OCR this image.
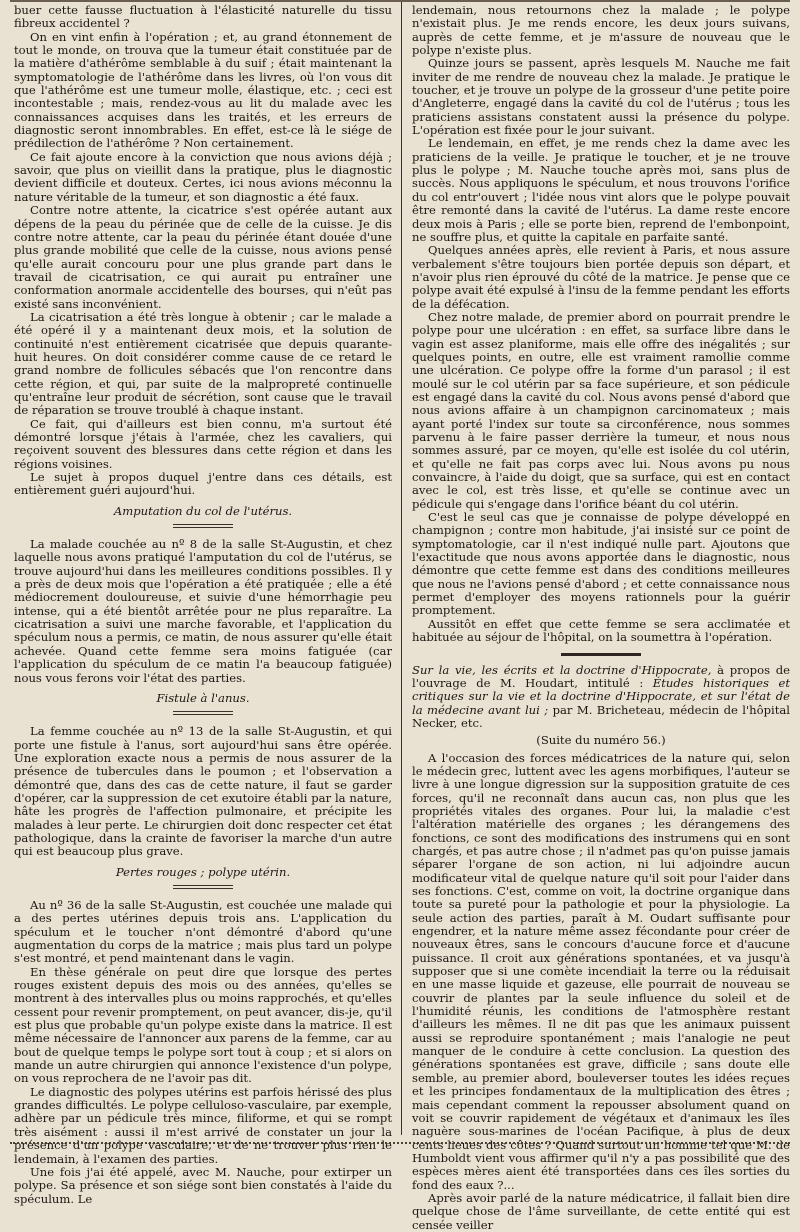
buer cette fausse fluctuation à l'élasticité naturelle du tissu fibreux accidentel ?

On en vint enfin à l'opération ; et, au grand étonnement de tout le monde, on trouva que la tumeur était constituée par de la matière d'athérôme semblable à du suif ; était maintenant la symptomatologie de l'athérôme dans les livres, où l'on vous dit que l'athérôme est une tumeur molle, élastique, etc. ; ceci est incontestable ; mais, rendez-vous au lit du malade avec les connaissances acquises dans les traités, et les erreurs de diagnostic seront innombrables. En effet, est-ce là le siége de prédilection de l'athérôme ? Non certainement.

Ce fait ajoute encore à la conviction que nous avions déjà ; savoir, que plus on vieillit dans la pratique, plus le diagnostic devient difficile et douteux. Certes, ici nous avions méconnu la nature véritable de la tumeur, et son diagnostic a été faux.

Contre notre attente, la cicatrice s'est opérée autant aux dépens de la peau du périnée que de celle de la cuisse. Je dis contre notre attente, car la peau du périnée étant douée d'une plus grande mobilité que celle de la cuisse, nous avions pensé qu'elle aurait concouru pour une plus grande part dans le travail de cicatrisation, ce qui aurait pu entraîner une conformation anormale accidentelle des bourses, qui n'eût pas existé sans inconvénient.

La cicatrisation a été très longue à obtenir ; car le malade a été opéré il y a maintenant deux mois, et la solution de continuité n'est entièrement cicatrisée que depuis quarante-huit heures. On doit considérer comme cause de ce retard le grand nombre de follicules sébacés que l'on rencontre dans cette région, et qui, par suite de la malpropreté continuelle qu'entraîne leur produit de sécrétion, sont cause que le travail de réparation se trouve troublé à chaque instant.

Ce fait, qui d'ailleurs est bien connu, m'a surtout été démontré lorsque j'étais à l'armée, chez les cavaliers, qui reçoivent souvent des blessures dans cette région et dans les régions voisines.

Le sujet à propos duquel j'entre dans ces détails, est entièrement guéri aujourd'hui.

Amputation du col de l'utérus.

La malade couchée au nº 8 de la salle St-Augustin, et chez laquelle nous avons pratiqué l'amputation du col de l'utérus, se trouve aujourd'hui dans les meilleures conditions possibles. Il y a près de deux mois que l'opération a été pratiquée ; elle a été médiocrement douloureuse, et suivie d'une hémorrhagie peu intense, qui a été bientôt arrêtée pour ne plus reparaître. La cicatrisation a suivi une marche favorable, et l'application du spéculum nous a permis, ce matin, de nous assurer qu'elle était achevée. Quand cette femme sera moins fatiguée (car l'application du spéculum de ce matin l'a beaucoup fatiguée) nous vous ferons voir l'état des parties.

Fistule à l'anus.

La femme couchée au nº 13 de la salle St-Augustin, et qui porte une fistule à l'anus, sort aujourd'hui sans être opérée. Une exploration exacte nous a permis de nous assurer de la présence de tubercules dans le poumon ; et l'observation a démontré que, dans des cas de cette nature, il faut se garder d'opérer, car la suppression de cet exutoire établi par la nature, hâte les progrès de l'affection pulmonaire, et précipite les malades à leur perte. Le chirurgien doit donc respecter cet état pathologique, dans la crainte de favoriser la marche d'un autre qui est beaucoup plus grave.

Pertes rouges ; polype utérin.

Au nº 36 de la salle St-Augustin, est couchée une malade qui a des pertes utérines depuis trois ans. L'application du spéculum et le toucher n'ont démontré d'abord qu'une augmentation du corps de la matrice ; mais plus tard un polype s'est montré, et pend maintenant dans le vagin.

En thèse générale on peut dire que lorsque des pertes rouges existent depuis des mois ou des années, qu'elles se montrent à des intervalles plus ou moins rapprochés, et qu'elles cessent pour revenir promptement, on peut avancer, dis-je, qu'il est plus que probable qu'un polype existe dans la matrice. Il est même nécessaire de l'annoncer aux parens de la femme, car au bout de quelque temps le polype sort tout à coup ; et si alors on mande un autre chirurgien qui annonce l'existence d'un polype, on vous reprochera de ne l'avoir pas dit.

Le diagnostic des polypes utérins est parfois hérissé des plus grandes difficultés. Le polype celluloso-vasculaire, par exemple, adhère par un pédicule très mince, filiforme, et qui se rompt très aisément : aussi il m'est arrivé de constater un jour la présence d'un polype vasculaire, et de ne trouver plus rien le lendemain, à l'examen des parties.

Une fois j'ai été appelé, avec M. Nauche, pour extirper un polype. Sa présence et son siége sont bien constatés à l'aide du spéculum. Le

lendemain, nous retournons chez la malade ; le polype n'existait plus. Je me rends encore, les deux jours suivans, auprès de cette femme, et je m'assure de nouveau que le polype n'existe plus.

Quinze jours se passent, après lesquels M. Nauche me fait inviter de me rendre de nouveau chez la malade. Je pratique le toucher, et je trouve un polype de la grosseur d'une petite poire d'Angleterre, engagé dans la cavité du col de l'utérus ; tous les praticiens assistans constatent aussi la présence du polype. L'opération est fixée pour le jour suivant.

Le lendemain, en effet, je me rends chez la dame avec les praticiens de la veille. Je pratique le toucher, et je ne trouve plus le polype ; M. Nauche touche après moi, sans plus de succès. Nous appliquons le spéculum, et nous trouvons l'orifice du col entr'ouvert ; l'idée nous vint alors que le polype pouvait être remonté dans la cavité de l'utérus. La dame reste encore deux mois à Paris ; elle se porte bien, reprend de l'embonpoint, ne souffre plus, et quitte la capitale en parfaite santé.

Quelques années après, elle revient à Paris, et nous assure verbalement s'être toujours bien portée depuis son départ, et n'avoir plus rien éprouvé du côté de la matrice. Je pense que ce polype avait été expulsé à l'insu de la femme pendant les efforts de la défécation.

Chez notre malade, de premier abord on pourrait prendre le polype pour une ulcération : en effet, sa surface libre dans le vagin est assez planiforme, mais elle offre des inégalités ; sur quelques points, en outre, elle est vraiment ramollie comme une ulcération. Ce polype offre la forme d'un parasol ; il est moulé sur le col utérin par sa face supérieure, et son pédicule est engagé dans la cavité du col. Nous avons pensé d'abord que nous avions affaire à un champignon carcinomateux ; mais ayant porté l'index sur toute sa circonférence, nous sommes parvenu à le faire passer derrière la tumeur, et nous nous sommes assuré, par ce moyen, qu'elle est isolée du col utérin, et qu'elle ne fait pas corps avec lui. Nous avons pu nous convaincre, à l'aide du doigt, que sa surface, qui est en contact avec le col, est très lisse, et qu'elle se continue avec un pédicule qui s'engage dans l'orifice béant du col utérin.

C'est le seul cas que je connaisse de polype développé en champignon ; contre mon habitude, j'ai insisté sur ce point de symptomatologie, car il n'est indiqué nulle part. Ajoutons que l'exactitude que nous avons apportée dans le diagnostic, nous démontre que cette femme est dans des conditions meilleures que nous ne l'avions pensé d'abord ; et cette connaissance nous permet d'employer des moyens rationnels pour la guérir promptement.

Aussitôt en effet que cette femme se sera acclimatée et habituée au séjour de l'hôpital, on la soumettra à l'opération.

Sur la vie, les écrits et la doctrine d'Hippocrate, à propos de l'ouvrage de M. Houdart, intitulé : Études historiques et critiques sur la vie et la doctrine d'Hippocrate, et sur l'état de la médecine avant lui ; par M. Bricheteau, médecin de l'hôpital Necker, etc.

(Suite du numéro 56.)

A l'occasion des forces médicatrices de la nature qui, selon le médecin grec, luttent avec les agens morbifiques, l'auteur se livre à une longue digression sur la supposition gratuite de ces forces, qu'il ne reconnaît dans aucun cas, non plus que les propriétés vitales des organes. Pour lui, la maladie c'est l'altération matérielle des organes ; les dérangemens des fonctions, ce sont des modifications des instrumens qui en sont chargés, et pas autre chose ; il n'admet pas qu'on puisse jamais séparer l'organe de son action, ni lui adjoindre aucun modificateur vital de quelque nature qu'il soit pour l'aider dans ses fonctions. C'est, comme on voit, la doctrine organique dans toute sa pureté pour la pathologie et pour la physiologie. La seule action des parties, paraît à M. Oudart suffisante pour engendrer, et la nature même assez fécondante pour créer de nouveaux êtres, sans le concours d'aucune force et d'aucune puissance. Il croit aux générations spontanées, et va jusqu'à supposer que si une comète incendiait la terre ou la réduisait en une masse liquide et gazeuse, elle pourrait de nouveau se couvrir de plantes par la seule influence du soleil et de l'humidité réunis, les conditions de l'atmosphère restant d'ailleurs les mêmes. Il ne dit pas que les animaux puissent aussi se reproduire spontanément ; mais l'analogie ne peut manquer de le conduire à cette conclusion. La question des générations spontanées est grave, difficile ; sans doute elle semble, au premier abord, bouleverser toutes les idées reçues et les principes fondamentaux de la multiplication des êtres ; mais cependant comment la repousser absolument quand on voit se couvrir rapidement de végétaux et d'animaux les îles naguère sous-marines de l'océan Pacifique, à plus de deux cents lieues des côtes ? Quand surtout un homme tel que M. de Humboldt vient vous affirmer qu'il n'y a pas possibilité que des espèces mères aient été transportées dans ces îles sorties du fond des eaux ?...

Après avoir parlé de la nature médicatrice, il fallait bien dire quelque chose de l'âme surveillante, de cette entité qui est censée veiller
